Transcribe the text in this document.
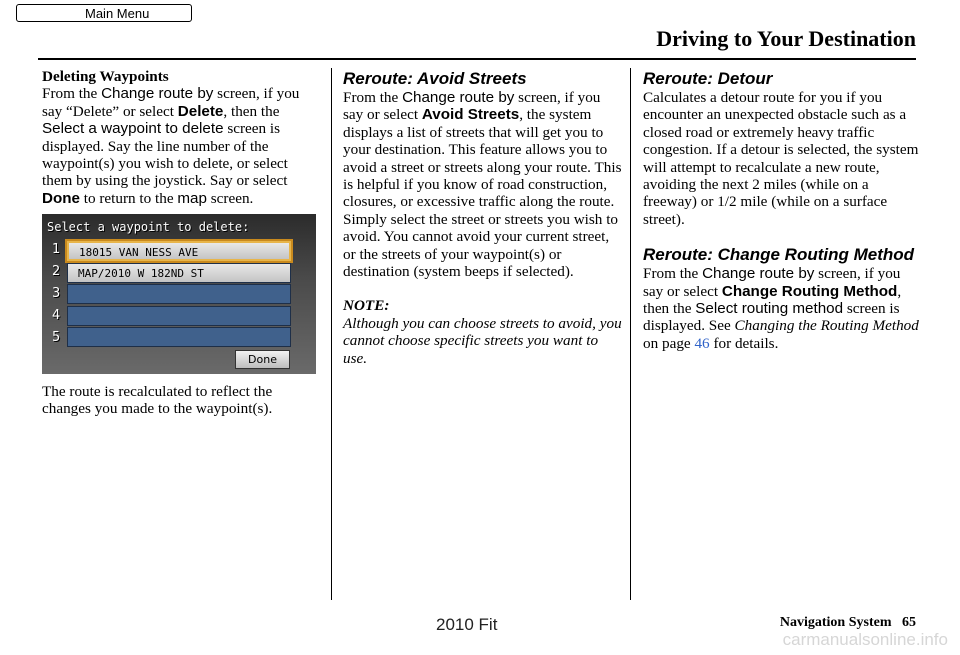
Main Menu
Driving to Your Destination

Deleting Waypoints

From the Change route by screen, if you say “Delete” or select Delete, then the Select a waypoint to delete screen is displayed. Say the line number of the waypoint(s) you wish to delete, or select them by using the joystick. Say or select Done to return to the map screen.

Select a waypoint to delete:
1	18015 VAN NESS AVE
2	MAP/2010 W 182ND ST
3
4
5
Done

The route is recalculated to reflect the changes you made to the waypoint(s).

Reroute: Avoid Streets

From the Change route by screen, if you say or select Avoid Streets, the system displays a list of streets that will get you to your destination. This feature allows you to avoid a street or streets along your route. This is helpful if you know of road construction, closures, or excessive traffic along the route. Simply select the street or streets you wish to avoid. You cannot avoid your current street, or the streets of your waypoint(s) or destination (system beeps if selected).

NOTE:

Although you can choose streets to avoid, you cannot choose specific streets you want to use.

Reroute: Detour

Calculates a detour route for you if you encounter an unexpected obstacle such as a closed road or extremely heavy traffic congestion. If a detour is selected, the system will attempt to recalculate a new route, avoiding the next 2 miles (while on a freeway) or 1/2 mile (while on a surface street).

Reroute: Change Routing Method

From the Change route by screen, if you say or select Change Routing Method, then the Select routing method screen is displayed. See Changing the Routing Method on page 46 for details.

2010 Fit	Navigation System 65
carmanualsonline.info
